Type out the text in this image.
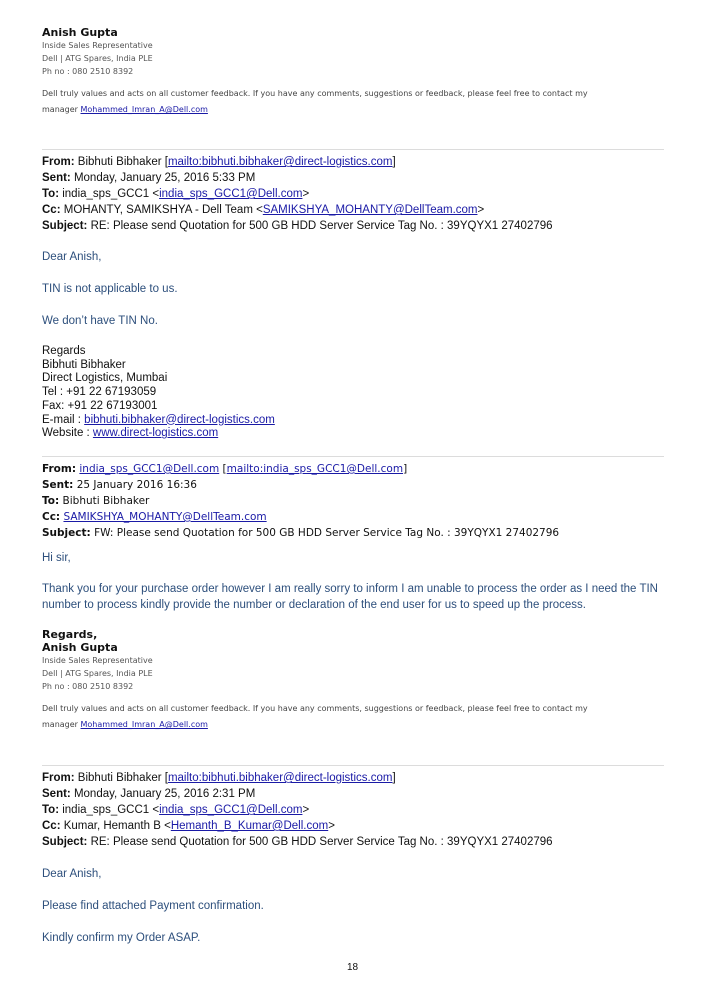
Anish Gupta
Inside Sales Representative
Dell | ATG Spares, India PLE
Ph no : 080 2510 8392
Dell truly values and acts on all customer feedback. If you have any comments, suggestions or feedback, please feel free to contact my
manager Mohammed_Imran_A@Dell.com
From: Bibhuti Bibhaker [mailto:bibhuti.bibhaker@direct-logistics.com]
Sent: Monday, January 25, 2016 5:33 PM
To: india_sps_GCC1 <india_sps_GCC1@Dell.com>
Cc: MOHANTY, SAMIKSHYA - Dell Team <SAMIKSHYA_MOHANTY@DellTeam.com>
Subject: RE: Please send Quotation for 500 GB HDD Server Service Tag No. : 39YQYX1 27402796
Dear Anish,
TIN is not applicable to us.
We don’t have TIN No.
Regards
Bibhuti Bibhaker
Direct Logistics, Mumbai
Tel : +91 22 67193059
Fax: +91 22 67193001
E-mail : bibhuti.bibhaker@direct-logistics.com
Website : www.direct-logistics.com
From: india_sps_GCC1@Dell.com [mailto:india_sps_GCC1@Dell.com]
Sent: 25 January 2016 16:36
To: Bibhuti Bibhaker
Cc: SAMIKSHYA_MOHANTY@DellTeam.com
Subject: FW: Please send Quotation for 500 GB HDD Server Service Tag No. : 39YQYX1 27402796
Hi sir,
Thank you for your purchase order however I am really sorry to inform I am unable to process the order as I need the TIN number to process kindly provide the number or declaration of the end user for us to speed up the process.
Regards,
Anish Gupta
Inside Sales Representative
Dell | ATG Spares, India PLE
Ph no : 080 2510 8392
Dell truly values and acts on all customer feedback. If you have any comments, suggestions or feedback, please feel free to contact my
manager Mohammed_Imran_A@Dell.com
From: Bibhuti Bibhaker [mailto:bibhuti.bibhaker@direct-logistics.com]
Sent: Monday, January 25, 2016 2:31 PM
To: india_sps_GCC1 <india_sps_GCC1@Dell.com>
Cc: Kumar, Hemanth B <Hemanth_B_Kumar@Dell.com>
Subject: RE: Please send Quotation for 500 GB HDD Server Service Tag No. : 39YQYX1 27402796
Dear Anish,
Please find attached Payment confirmation.
Kindly confirm my Order ASAP.
18
